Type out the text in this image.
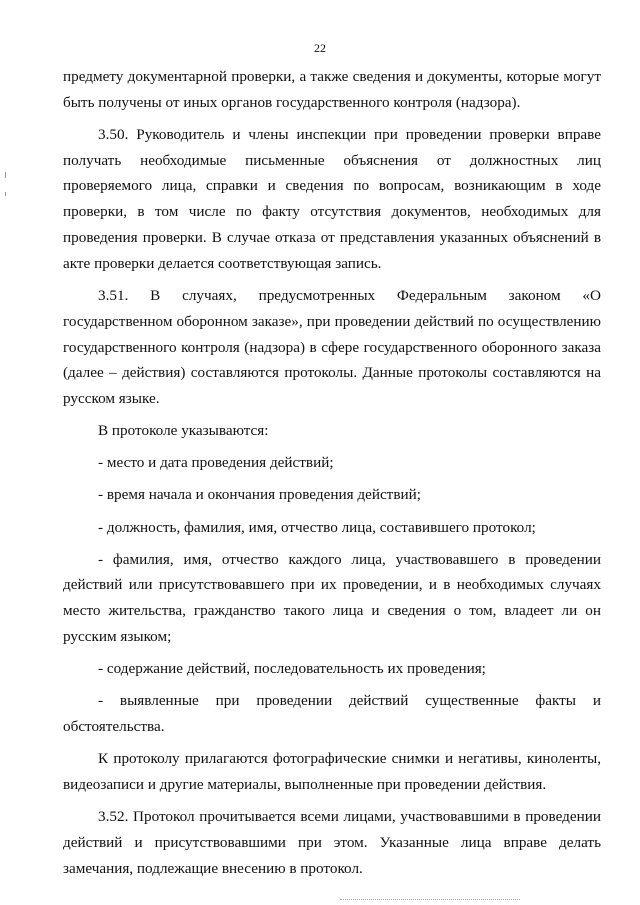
22

предмету документарной проверки, а также сведения и документы, которые могут быть получены от иных органов государственного контроля (надзора).

3.50. Руководитель и члены инспекции при проведении проверки вправе получать необходимые письменные объяснения от должностных лиц проверяемого лица, справки и сведения по вопросам, возникающим в ходе проверки, в том числе по факту отсутствия документов, необходимых для проведения проверки. В случае отказа от представления указанных объяснений в акте проверки делается соответствующая запись.

3.51. В случаях, предусмотренных Федеральным законом «О государственном оборонном заказе», при проведении действий по осуществлению государственного контроля (надзора) в сфере государственного оборонного заказа (далее – действия) составляются протоколы. Данные протоколы составляются на русском языке.

В протоколе указываются:

- место и дата проведения действий;

- время начала и окончания проведения действий;

- должность, фамилия, имя, отчество лица, составившего протокол;

- фамилия, имя, отчество каждого лица, участвовавшего в проведении действий или присутствовавшего при их проведении, и в необходимых случаях место жительства, гражданство такого лица и сведения о том, владеет ли он русским языком;

- содержание действий, последовательность их проведения;

- выявленные при проведении действий существенные факты и обстоятельства.

К протоколу прилагаются фотографические снимки и негативы, киноленты, видеозаписи и другие материалы, выполненные при проведении действия.

3.52. Протокол прочитывается всеми лицами, участвовавшими в проведении действий и присутствовавшими при этом. Указанные лица вправе делать замечания, подлежащие внесению в протокол.
